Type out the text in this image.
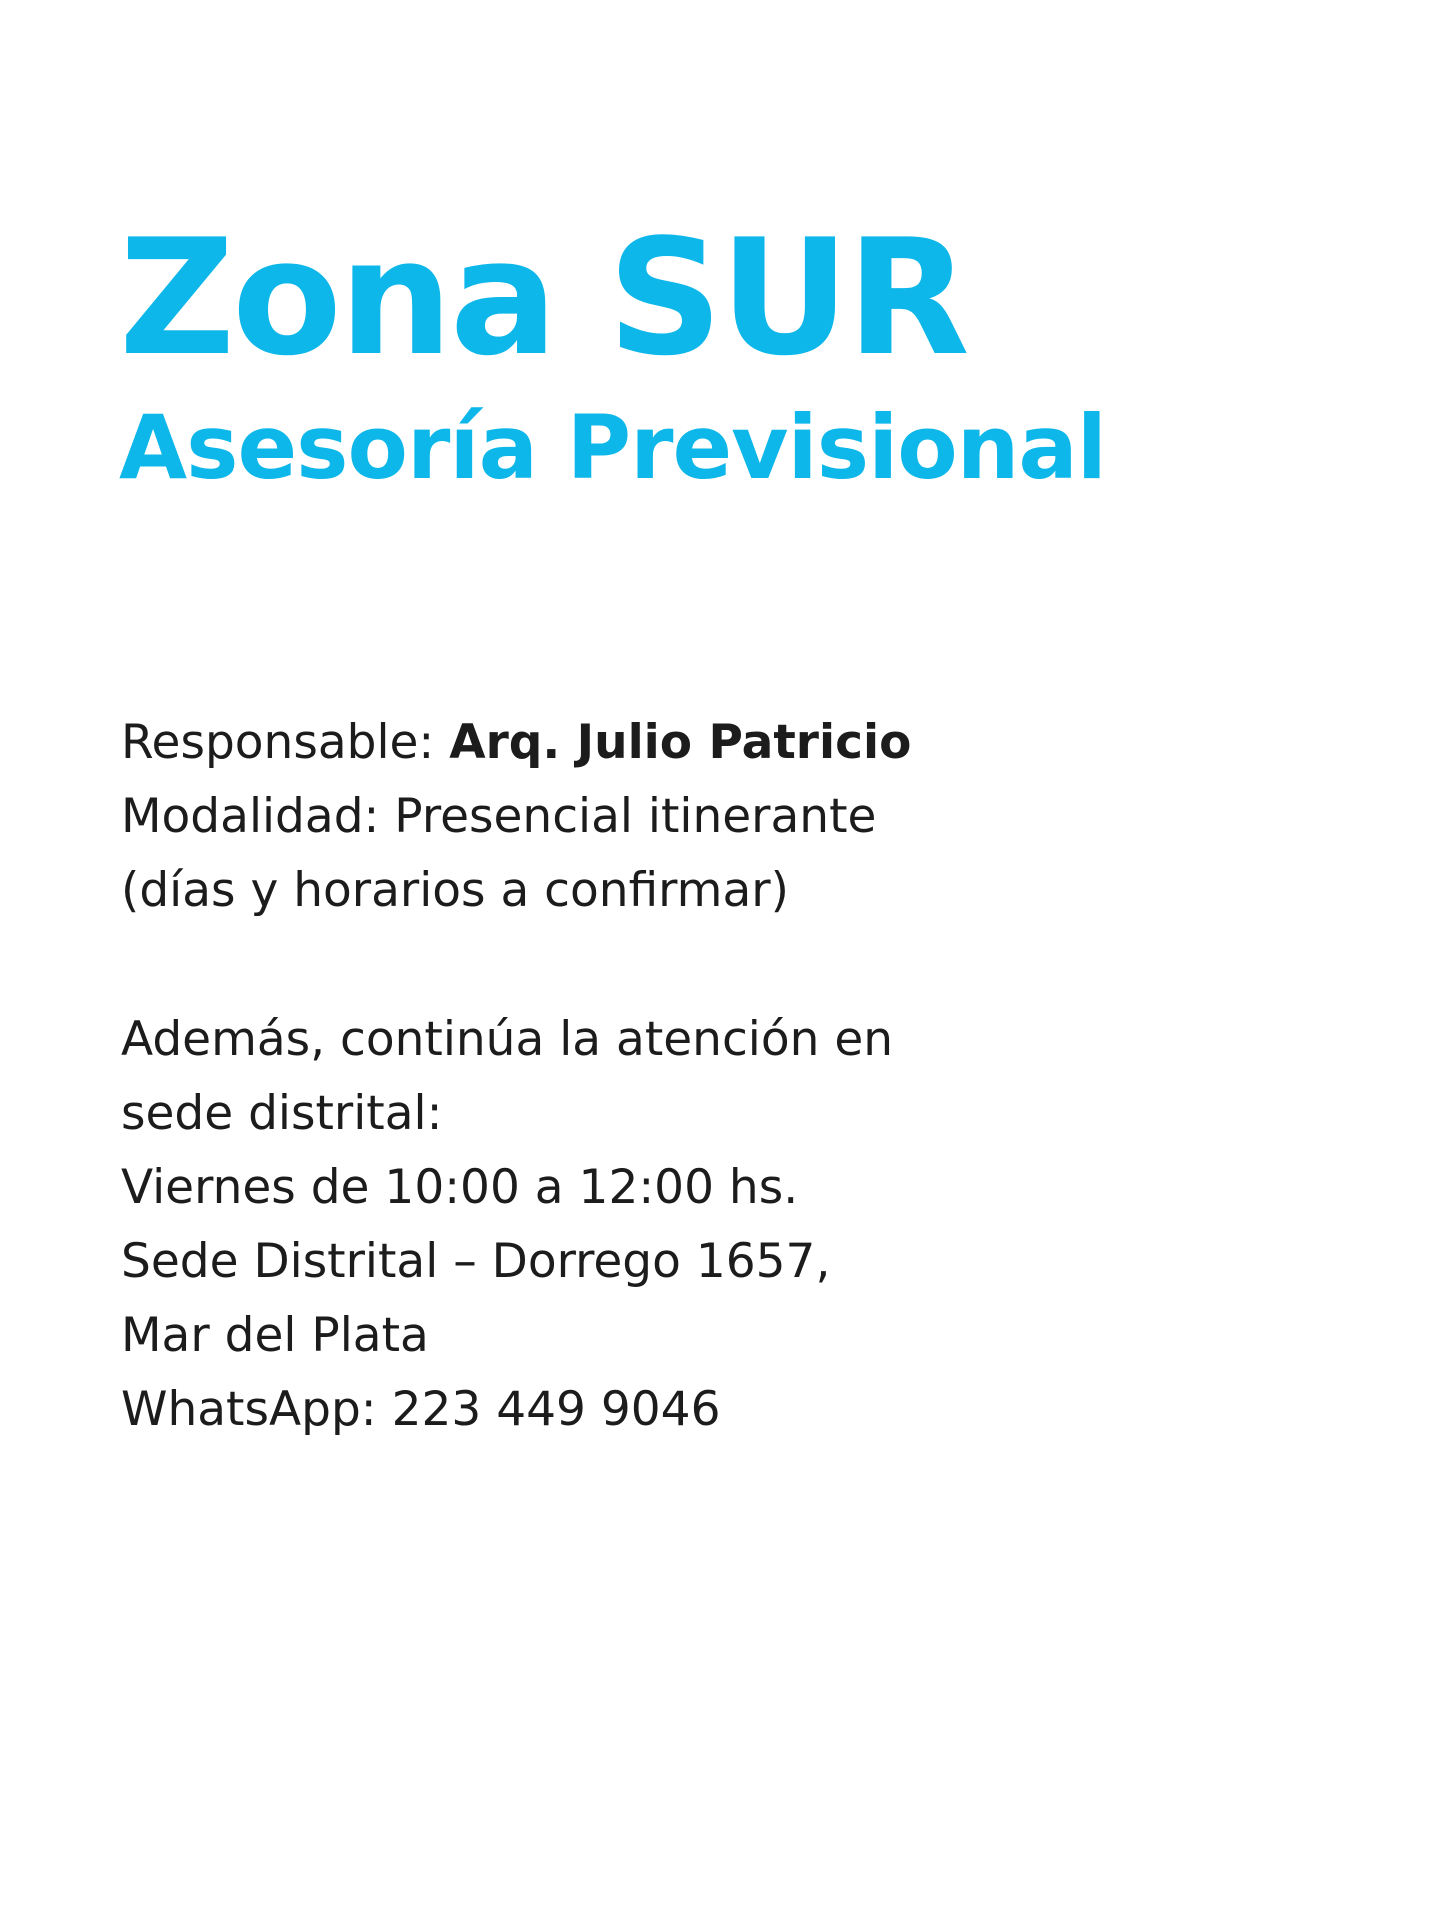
Zona SUR
Asesoría Previsional
Responsable: Arq. Julio Patricio
Modalidad: Presencial itinerante
(días y horarios a confirmar)
Además, continúa la atención en
sede distrital:
Viernes de 10:00 a 12:00 hs.
Sede Distrital – Dorrego 1657,
Mar del Plata
WhatsApp: 223 449 9046
